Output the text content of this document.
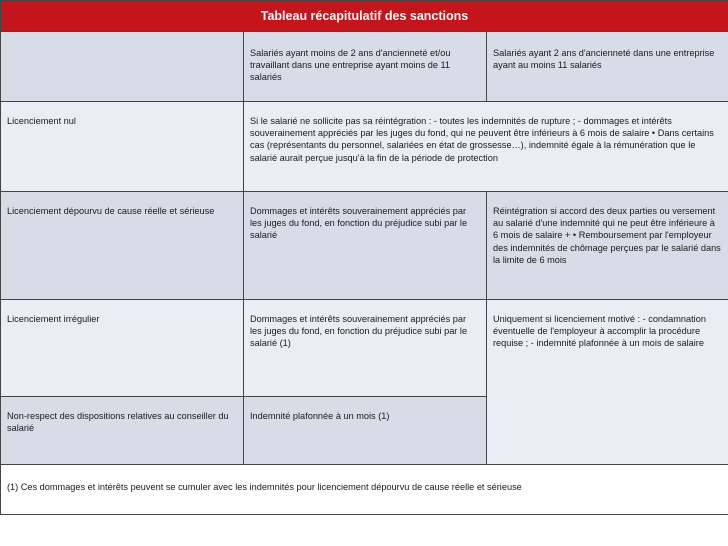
Tableau récapitulatif des sanctions		
	Salariés ayant moins de 2 ans d'ancienneté et/ou travaillant dans une entreprise ayant moins de 11 salariés	Salariés ayant 2 ans d'ancienneté dans une entreprise ayant au moins 11 salariés
Licenciement nul	Si le salarié ne sollicite pas sa réintégration : - toutes les indemnités de rupture ; - dommages et intérêts souverainement appréciés par les juges du fond, qui ne peuvent être inférieurs à 6 mois de salaire • Dans certains cas (représentants du personnel, salariées en état de grossesse…), indemnité égale à la rémunération que le salarié aurait perçue jusqu'à la fin de la période de protection	
Licenciement dépourvu de cause réelle et sérieuse	Dommages et intérêts souverainement appréciés par les juges du fond, en fonction du préjudice subi par le salarié	Réintégration si accord des deux parties ou versement au salarié d'une indemnité qui ne peut être inférieure à 6 mois de salaire + • Remboursement par l'employeur des indemnités de chômage perçues par le salarié dans la limite de 6 mois
Licenciement irrégulier	Dommages et intérêts souverainement appréciés par les juges du fond, en fonction du préjudice subi par le salarié (1)	Uniquement si licenciement motivé : - condamnation éventuelle de l'employeur à accomplir la procédure requise ; - indemnité plafonnée à un mois de salaire
Non-respect des dispositions relatives au conseiller du salarié	Indemnité plafonnée à un mois (1)	
(1) Ces dommages et intérêts peuvent se cumuler avec les indemnités pour licenciement dépourvu de cause réelle et sérieuse		
